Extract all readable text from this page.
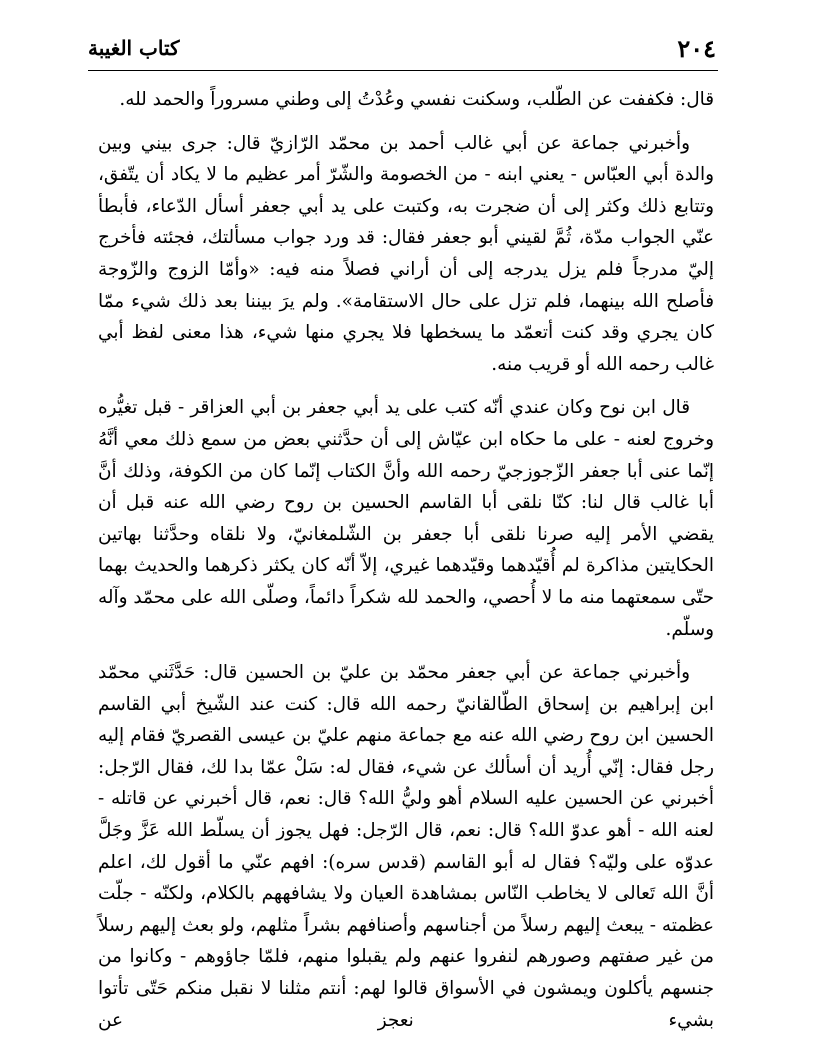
٢٠٤
كتاب الغيبة

قال: فكففت عن الطّلب، وسكنت نفسي وعُدْتُ إلى وطني مسروراً والحمد لله.

وأخبرني جماعة عن أبي غالب أحمد بن محمّد الرّازيّ قال: جرى بيني وبين والدة أبي العبّاس - يعني ابنه - من الخصومة والشّرّ أمر عظيم ما لا يكاد أن يتّفق، وتتابع ذلك وكثر إلى أن ضجرت به، وكتبت على يد أبي جعفر أسأل الدّعاء، فأبطأ عنّي الجواب مدّة، ثُمَّ لقيني أبو جعفر فقال: قد ورد جواب مسألتك، فجئته فأخرج إليّ مدرجاً فلم يزل يدرجه إلى أن أراني فصلاً منه فيه: «وأمّا الزوج والزّوجة فأصلح الله بينهما، فلم تزل على حال الاستقامة». ولم يرَ بيننا بعد ذلك شيء ممّا كان يجري وقد كنت أتعمّد ما يسخطها فلا يجري منها شيء، هذا معنى لفظ أبي غالب رحمه الله أو قريب منه.

قال ابن نوح وكان عندي أنّه كتب على يد أبي جعفر بن أبي العزاقر - قبل تغيُّره وخروج لعنه - على ما حكاه ابن عيّاش إلى أن حدَّثني بعض من سمع ذلك معي أنَّهُ إنّما عنى أبا جعفر الزّجوزجيّ رحمه الله وأنَّ الكتاب إنّما كان من الكوفة، وذلك أنَّ أبا غالب قال لنا: كنّا نلقى أبا القاسم الحسين بن روح رضي الله عنه قبل أن يقضي الأمر إليه صرنا نلقى أبا جعفر بن الشّلمغانيّ، ولا نلقاه وحدَّثنا بهاتين الحكايتين مذاكرة لم أُقيّدهما وقيّدهما غيري، إلاّ أنّه كان يكثر ذكرهما والحديث بهما حتّى سمعتهما منه ما لا أُحصي، والحمد لله شكراً دائماً، وصلّى الله على محمّد وآله وسلّم.

وأخبرني جماعة عن أبي جعفر محمّد بن عليّ بن الحسين قال: حَدَّثَني محمّد ابن إبراهيم بن إسحاق الطّالقانيّ رحمه الله قال: كنت عند الشّيخ أبي القاسم الحسين ابن روح رضي الله عنه مع جماعة منهم عليّ بن عيسى القصريّ فقام إليه رجل فقال: إنّي أُريد أن أسألك عن شيء، فقال له: سَلْ عمّا بدا لك، فقال الرّجل: أخبرني عن الحسين عليه السلام أهو وليُّ الله؟ قال: نعم، قال أخبرني عن قاتله - لعنه الله - أهو عدوّ الله؟ قال: نعم، قال الرّجل: فهل يجوز أن يسلّط الله عَزَّ وجَلَّ عدوّه على وليّه؟ فقال له أبو القاسم (قدس سره): افهم عنّي ما أقول لك، اعلم أنَّ الله تَعالى لا يخاطب النّاس بمشاهدة العيان ولا يشافههم بالكلام، ولكنّه - جلّت عظمته - يبعث إليهم رسلاً من أجناسهم وأصنافهم بشراً مثلهم، ولو بعث إليهم رسلاً من غير صفتهم وصورهم لنفروا عنهم ولم يقبلوا منهم، فلمّا جاؤوهم - وكانوا من جنسهم يأكلون ويمشون في الأسواق قالوا لهم: أنتم مثلنا لا نقبل منكم حَتّى تأتوا بشيء نعجز عن
